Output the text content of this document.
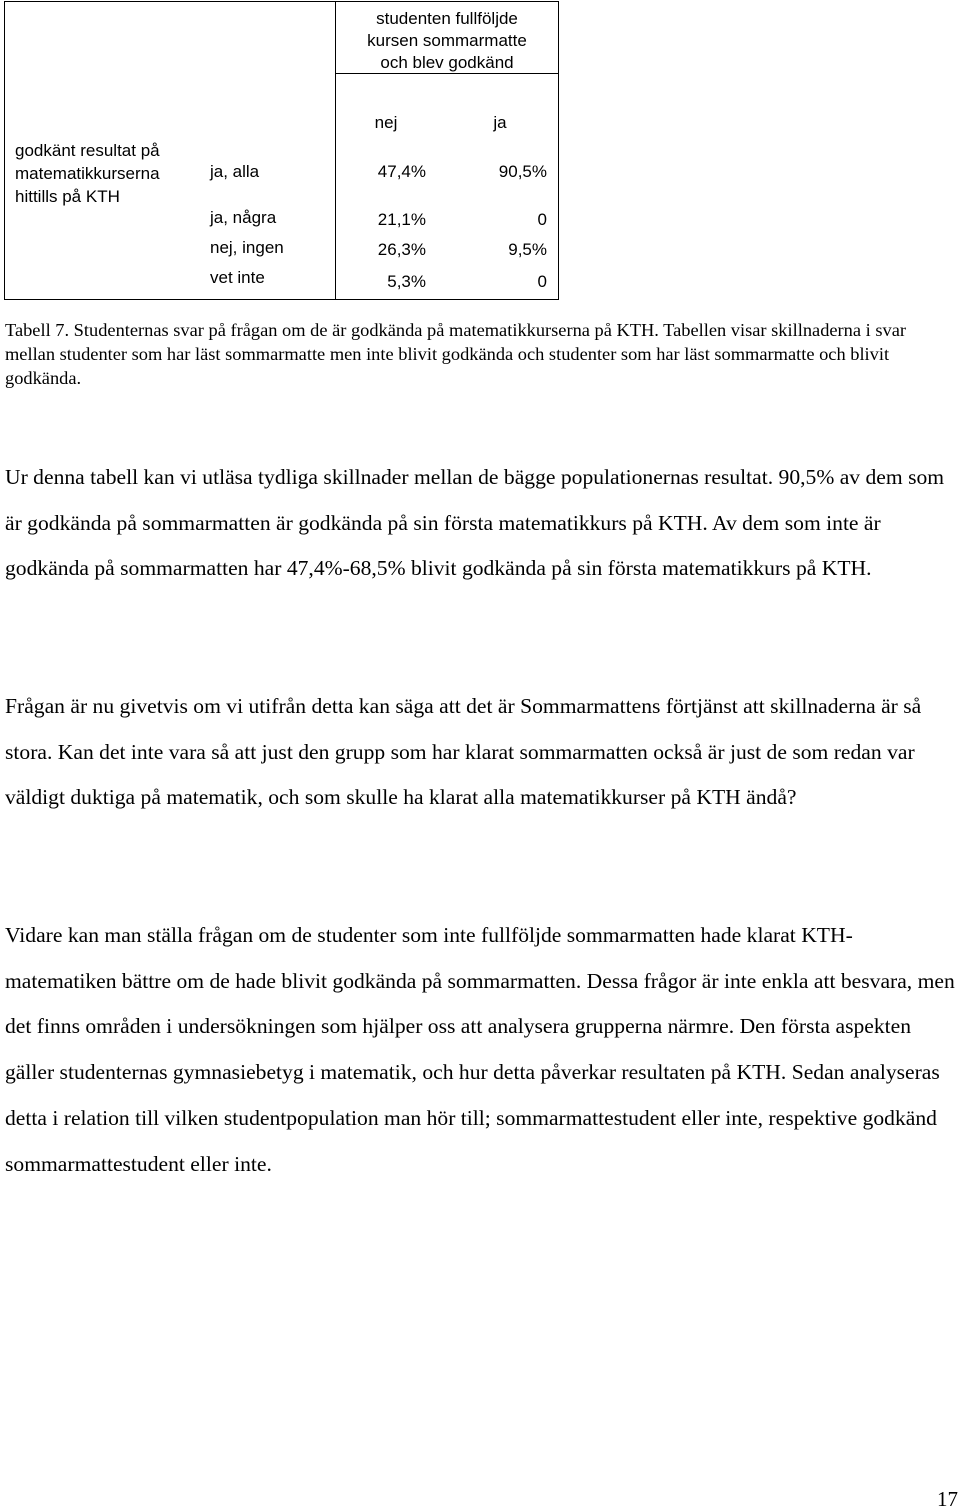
studenten fullföljde
kursen sommarmatte
och blev godkänd
nej	ja
godkänt resultat på
matematikkurserna
hittills på KTH
ja, alla	47,4%	90,5%
ja, några	21,1%	0
nej, ingen	26,3%	9,5%
vet inte	5,3%	0

Tabell 7. Studenternas svar på frågan om de är godkända på matematikkurserna på KTH. Tabellen visar skillnaderna i svar mellan studenter som har läst sommarmatte men inte blivit godkända och studenter som har läst sommarmatte och blivit godkända.

Ur denna tabell kan vi utläsa tydliga skillnader mellan de bägge populationernas resultat. 90,5% av dem som är godkända på sommarmatten är godkända på sin första matematikkurs på KTH. Av dem som inte är godkända på sommarmatten har 47,4%-68,5% blivit godkända på sin första matematikkurs på KTH.

Frågan är nu givetvis om vi utifrån detta kan säga att det är Sommarmattens förtjänst att skillnaderna är så stora. Kan det inte vara så att just den grupp som har klarat sommarmatten också är just de som redan var väldigt duktiga på matematik, och som skulle ha klarat alla matematikkurser på KTH ändå?

Vidare kan man ställa frågan om de studenter som inte fullföljde sommarmatten hade klarat KTH-matematiken bättre om de hade blivit godkända på sommarmatten. Dessa frågor är inte enkla att besvara, men det finns områden i undersökningen som hjälper oss att analysera grupperna närmre. Den första aspekten gäller studenternas gymnasiebetyg i matematik, och hur detta påverkar resultaten på KTH. Sedan analyseras detta i relation till vilken studentpopulation man hör till; sommarmattestudent eller inte, respektive godkänd sommarmattestudent eller inte.

17
